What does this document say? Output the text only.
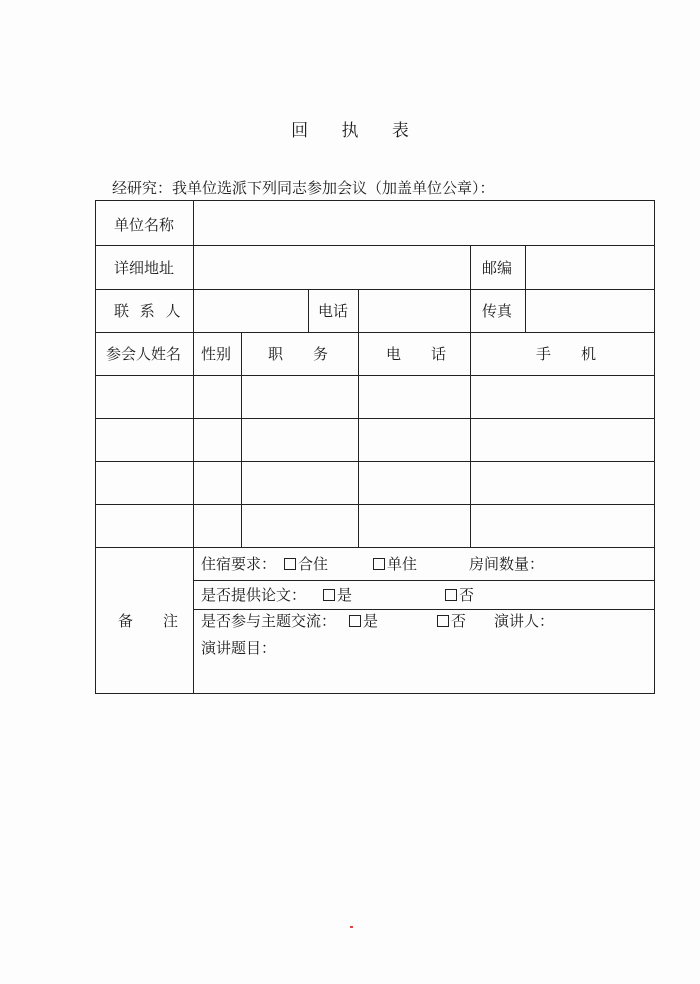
回 执 表
经研究：我单位选派下列同志参加会议（加盖单位公章）：
单位名称
详细地址	邮编
联 系 人	电话	传真
参会人姓名 性别 职　　务	电　　话	手　　机
备　　注
住宿要求：	合住	单住	房间数量：
是否提供论文：	是	否
是否参与主题交流：	是	否 演讲人：
演讲题目：
